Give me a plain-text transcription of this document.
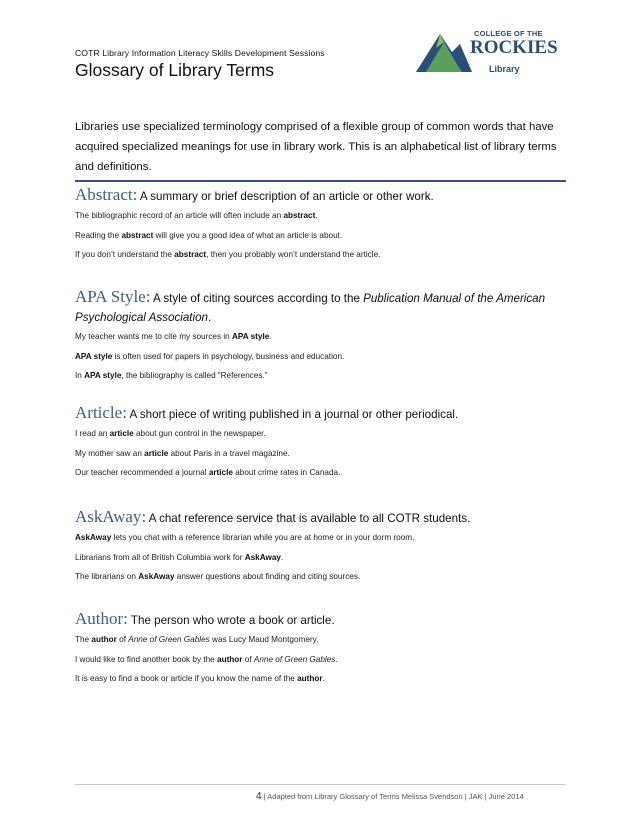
COTR Library Information Literacy Skills Development Sessions
Glossary of Library Terms
COLLEGE OF THE
ROCKIES
Library
Libraries use specialized terminology comprised of a flexible group of common words that have acquired specialized meanings for use in library work. This is an alphabetical list of library terms and definitions.
Abstract: A summary or brief description of an article or other work.
The bibliographic record of an article will often include an abstract.
Reading the abstract will give you a good idea of what an article is about.
If you don’t understand the abstract, then you probably won’t understand the article.
APA Style: A style of citing sources according to the Publication Manual of the American Psychological Association.
My teacher wants me to cite my sources in APA style.
APA style is often used for papers in psychology, business and education.
In APA style, the bibliography is called “References.”
Article: A short piece of writing published in a journal or other periodical.
I read an article about gun control in the newspaper.
My mother saw an article about Paris in a travel magazine.
Our teacher recommended a journal article about crime rates in Canada.
AskAway: A chat reference service that is available to all COTR students.
AskAway lets you chat with a reference librarian while you are at home or in your dorm room.
Librarians from all of British Columbia work for AskAway.
The librarians on AskAway answer questions about finding and citing sources.
Author: The person who wrote a book or article.
The author of Anne of Green Gables was Lucy Maud Montgomery.
I would like to find another book by the author of Anne of Green Gables.
It is easy to find a book or article if you know the name of the author.
4 | Adapted from Library Glossary of Terms Melissa Svendson | JAK | June 2014
